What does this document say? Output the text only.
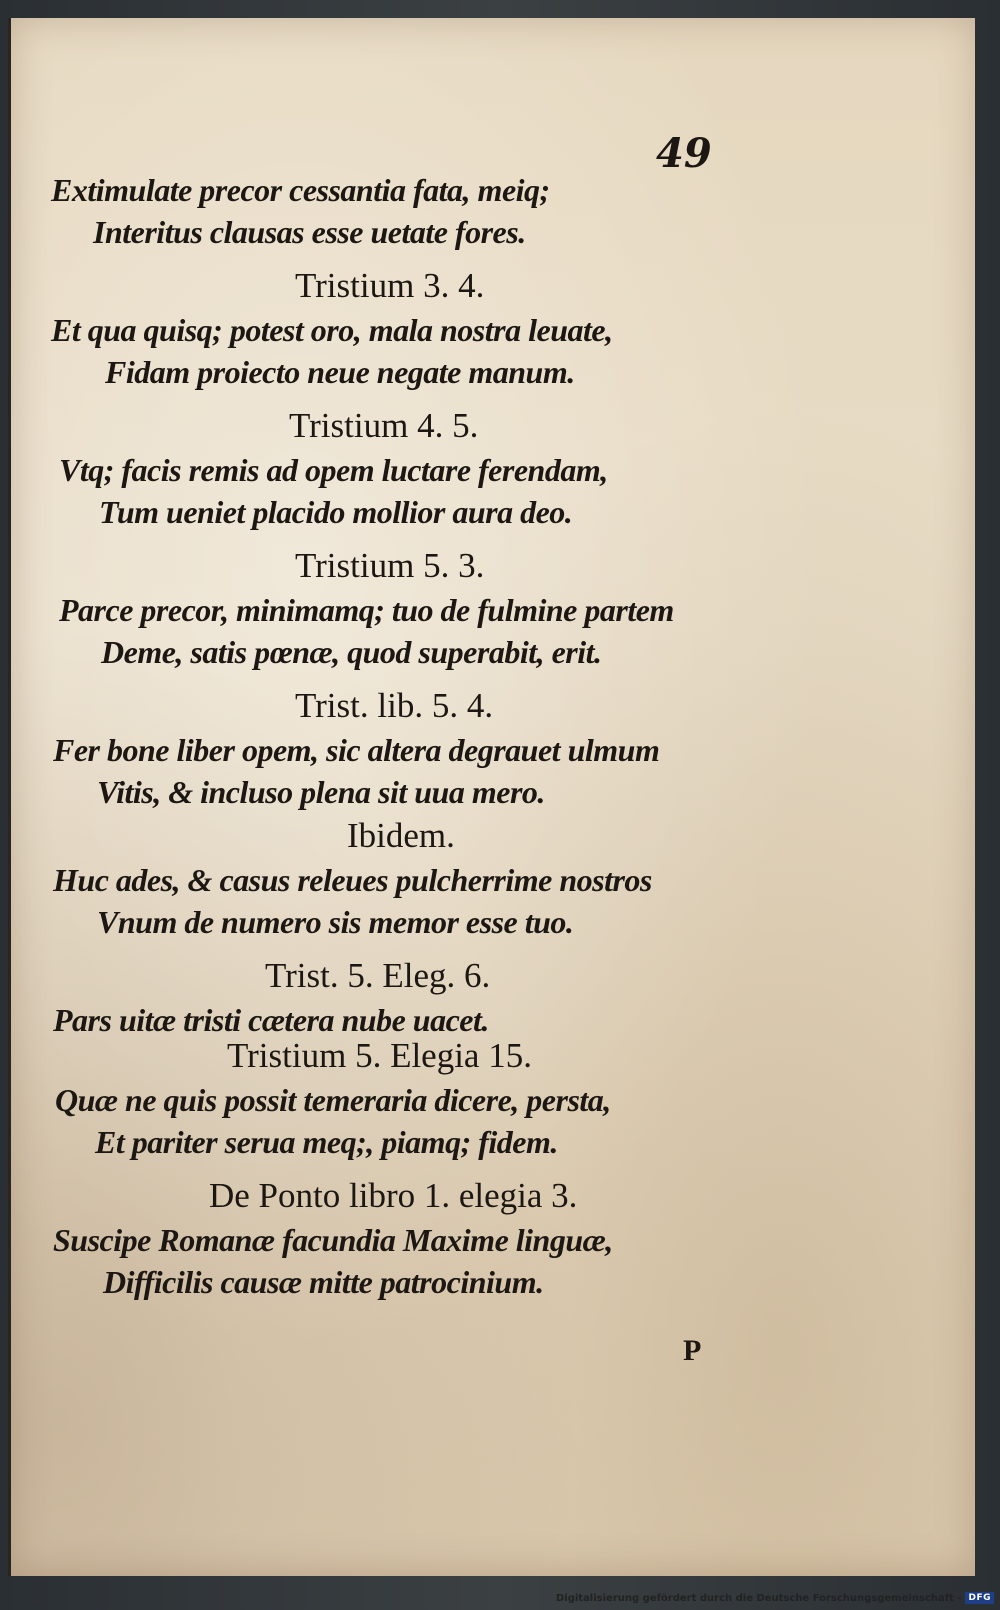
49
Extimulate precor cessantia fata, meiq;
Interitus clausas esse uetate fores.
Tristium 3. 4.
Et qua quisq; potest oro, mala nostra leuate,
Fidam proiecto neue negate manum.
Tristium 4. 5.
Vtq; facis remis ad opem luctare ferendam,
Tum ueniet placido mollior aura deo.
Tristium 5. 3.
Parce precor, minimamq; tuo de fulmine partem
Deme, satis pœnæ, quod superabit, erit.
Trist. lib. 5. 4.
Fer bone liber opem, sic altera degrauet ulmum
Vitis, & incluso plena sit uua mero.
Ibidem.
Huc ades, & casus releues pulcherrime nostros
Vnum de numero sis memor esse tuo.
Trist. 5. Eleg. 6.
Pars uitæ tristi cætera nube uacet.
Tristium 5. Elegia 15.
Quæ ne quis possit temeraria dicere, persta,
Et pariter serua meq;, piamq; fidem.
De Ponto libro 1. elegia 3.
Suscipe Romanæ facundia Maxime linguæ,
Difficilis causæ mitte patrocinium.
P
Digitalisierung gefördert durch die Deutsche Forschungsgemeinschaft - DFG
